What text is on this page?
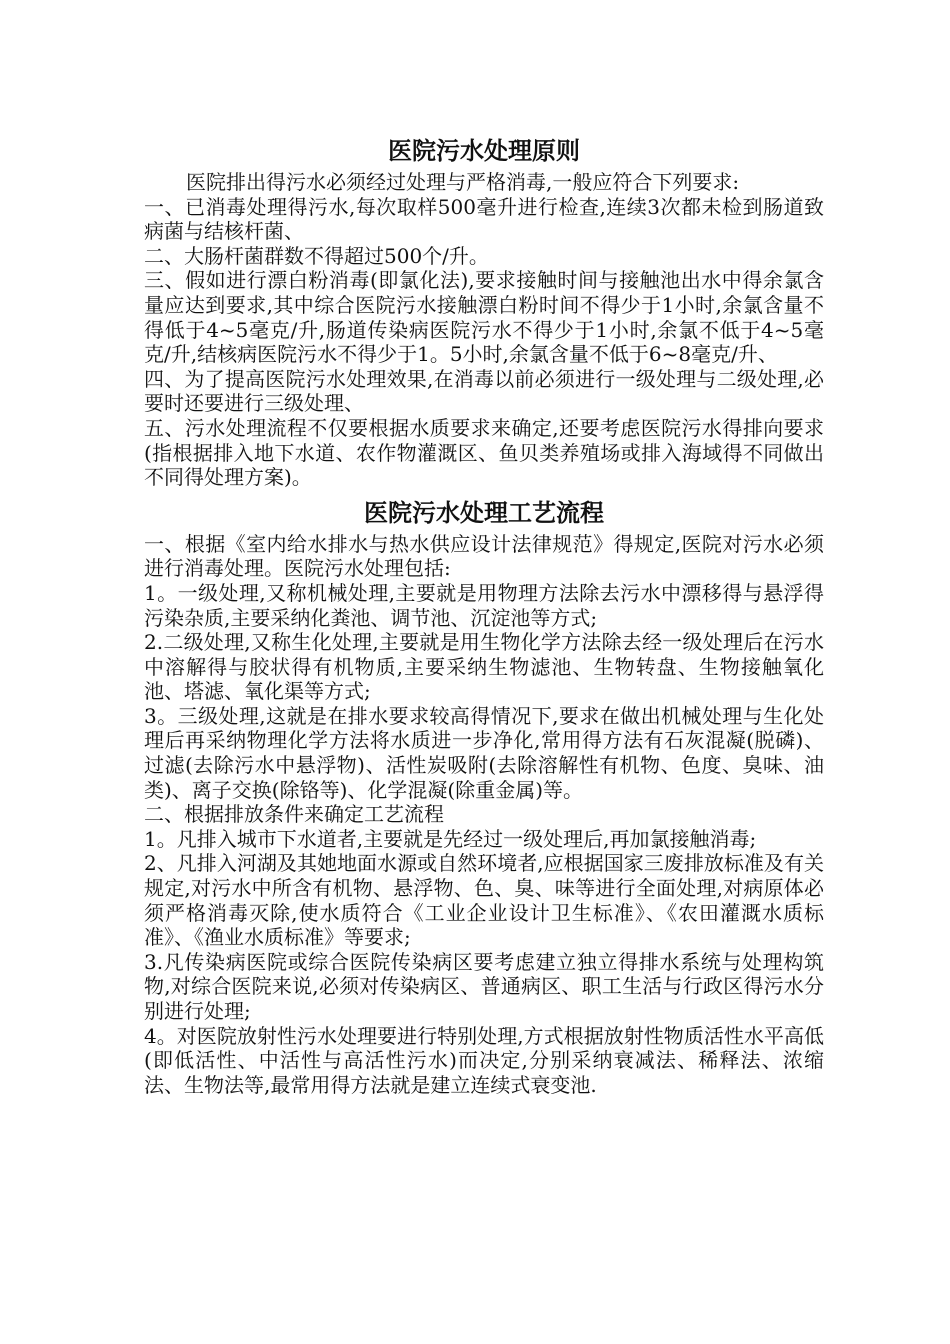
医院污水处理原则

医院排出得污水必须经过处理与严格消毒,一般应符合下列要求:

一、已消毒处理得污水,每次取样500毫升进行检查,连续3次都未检到肠道致病菌与结核杆菌、

二、大肠杆菌群数不得超过500个/升。

三、假如进行漂白粉消毒(即氯化法),要求接触时间与接触池出水中得余氯含量应达到要求,其中综合医院污水接触漂白粉时间不得少于1小时,余氯含量不得低于4~5毫克/升,肠道传染病医院污水不得少于1小时,余氯不低于4~5毫克/升,结核病医院污水不得少于1。5小时,余氯含量不低于6~8毫克/升、

四、为了提高医院污水处理效果,在消毒以前必须进行一级处理与二级处理,必要时还要进行三级处理、

五、污水处理流程不仅要根据水质要求来确定,还要考虑医院污水得排向要求(指根据排入地下水道、农作物灌溉区、鱼贝类养殖场或排入海域得不同做出不同得处理方案)。

医院污水处理工艺流程

一、根据《室内给水排水与热水供应设计法律规范》得规定,医院对污水必须进行消毒处理。医院污水处理包括:

1。一级处理,又称机械处理,主要就是用物理方法除去污水中漂移得与悬浮得污染杂质,主要采纳化粪池、调节池、沉淀池等方式;

2.二级处理,又称生化处理,主要就是用生物化学方法除去经一级处理后在污水中溶解得与胶状得有机物质,主要采纳生物滤池、生物转盘、生物接触氧化池、塔滤、氧化渠等方式;

3。三级处理,这就是在排水要求较高得情况下,要求在做出机械处理与生化处理后再采纳物理化学方法将水质进一步净化,常用得方法有石灰混凝(脱磷)、过滤(去除污水中悬浮物)、活性炭吸附(去除溶解性有机物、色度、臭味、油类)、离子交换(除铬等)、化学混凝(除重金属)等。

二、根据排放条件来确定工艺流程

1。凡排入城市下水道者,主要就是先经过一级处理后,再加氯接触消毒;

2、凡排入河湖及其她地面水源或自然环境者,应根据国家三废排放标准及有关规定,对污水中所含有机物、悬浮物、色、臭、味等进行全面处理,对病原体必须严格消毒灭除,使水质符合《工业企业设计卫生标准》、《农田灌溉水质标准》、《渔业水质标准》等要求;

3.凡传染病医院或综合医院传染病区要考虑建立独立得排水系统与处理构筑物,对综合医院来说,必须对传染病区、普通病区、职工生活与行政区得污水分别进行处理;

4。对医院放射性污水处理要进行特别处理,方式根据放射性物质活性水平高低(即低活性、中活性与高活性污水)而决定,分别采纳衰减法、稀释法、浓缩法、生物法等,最常用得方法就是建立连续式衰变池.
